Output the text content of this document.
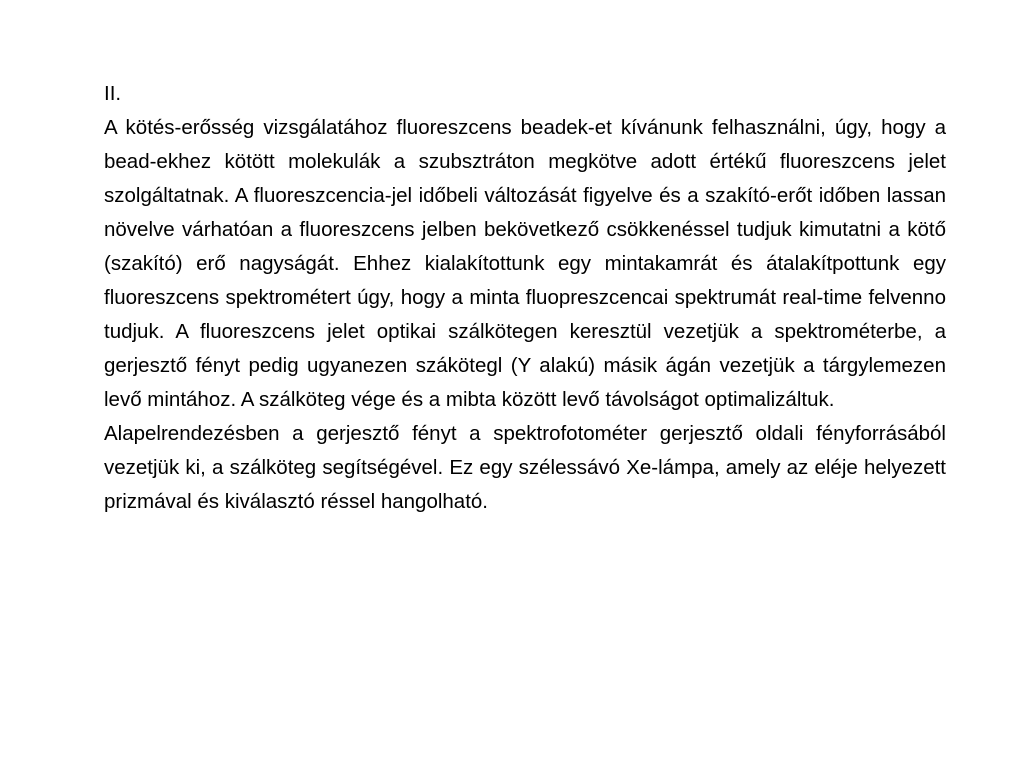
II.

A kötés-erősség vizsgálatához fluoreszcens beadek-et kívánunk felhasználni, úgy, hogy a bead-ekhez kötött molekulák a szubsztráton megkötve adott értékű fluoreszcens jelet szolgáltatnak. A fluoreszcencia-jel időbeli változását figyelve és a szakító-erőt időben lassan növelve várhatóan a fluoreszcens jelben bekövetkező csökkenéssel tudjuk kimutatni a kötő (szakító) erő nagyságát. Ehhez kialakítottunk egy mintakamrát és átalakítpottunk egy fluoreszcens spektrométert úgy, hogy a minta fluopreszcencai spektrumát real-time felvenno tudjuk. A fluoreszcens jelet optikai szálkötegen keresztül vezetjük a spektrométerbe, a gerjesztő fényt pedig ugyanezen szákötegl (Y alakú) másik ágán vezetjük a tárgylemezen levő mintához. A szálköteg vége és a mibta között levő távolságot optimalizáltuk.

Alapelrendezésben a gerjesztő fényt a spektrofotométer gerjesztő oldali fényforrásából vezetjük ki, a szálköteg segítségével. Ez egy szélessávó Xe-lámpa, amely az eléje helyezett prizmával és kiválasztó réssel hangolható.
